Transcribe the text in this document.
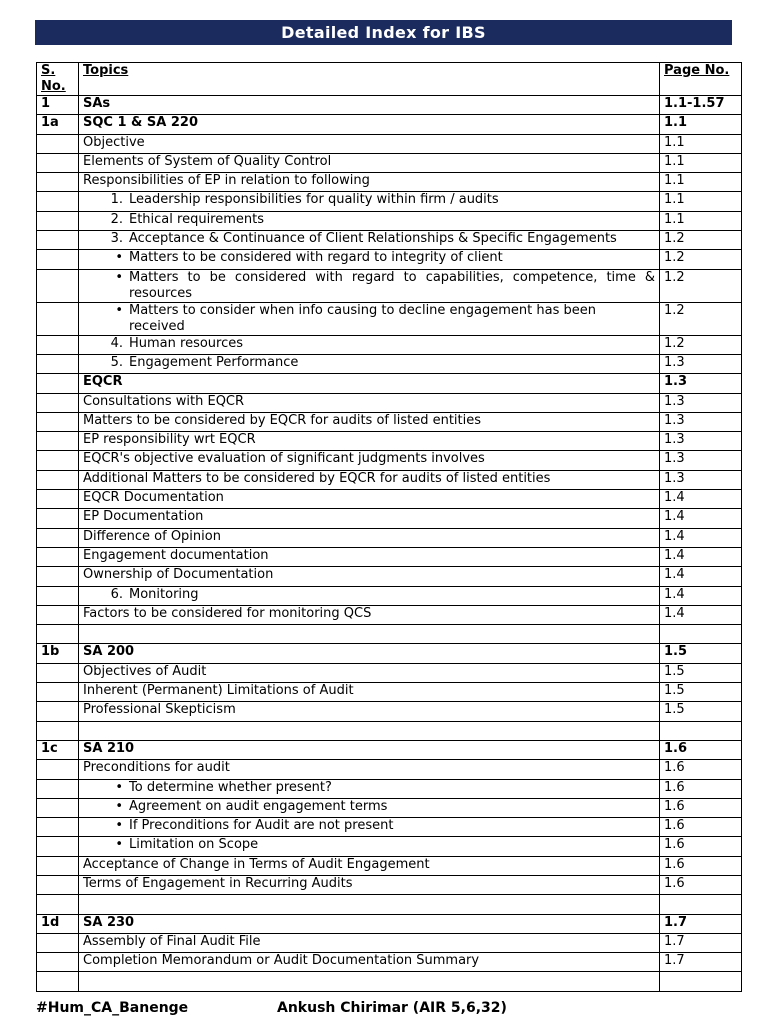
Detailed Index for IBS
S. No.	Topics	Page No.
1	SAs	1.1-1.57
1a	SQC 1 & SA 220	1.1
	Objective	1.1
	Elements of System of Quality Control	1.1
	Responsibilities of EP in relation to following	1.1

	1. Leadership responsibilities for quality within firm / audits	1.1

	2. Ethical requirements	1.1

	3. Acceptance & Continuance of Client Relationships & Specific Engagements	1.2

	• Matters to be considered with regard to integrity of client	1.2

	• Matters to be considered with regard to capabilities, competence, time & resources	1.2

	• Matters to consider when info causing to decline engagement has been received	1.2

	4. Human resources	1.2

	5. Engagement Performance	1.3
	EQCR	1.3
	Consultations with EQCR	1.3
	Matters to be considered by EQCR for audits of listed entities	1.3
	EP responsibility wrt EQCR	1.3
	EQCR's objective evaluation of significant judgments involves	1.3
	Additional Matters to be considered by EQCR for audits of listed entities	1.3
	EQCR Documentation	1.4
	EP Documentation	1.4
	Difference of Opinion	1.4
	Engagement documentation	1.4
	Ownership of Documentation	1.4

	6. Monitoring	1.4
	Factors to be considered for monitoring QCS	1.4

1b	SA 200	1.5
	Objectives of Audit	1.5
	Inherent (Permanent) Limitations of Audit	1.5
	Professional Skepticism	1.5

1c	SA 210	1.6
	Preconditions for audit	1.6

	• To determine whether present?	1.6

	• Agreement on audit engagement terms	1.6

	• If Preconditions for Audit are not present	1.6

	• Limitation on Scope	1.6
	Acceptance of Change in Terms of Audit Engagement	1.6
	Terms of Engagement in Recurring Audits	1.6

1d	SA 230	1.7
	Assembly of Final Audit File	1.7
	Completion Memorandum or Audit Documentation Summary	1.7

#Hum_CA_Banenge	Ankush Chirimar (AIR 5,6,32)
